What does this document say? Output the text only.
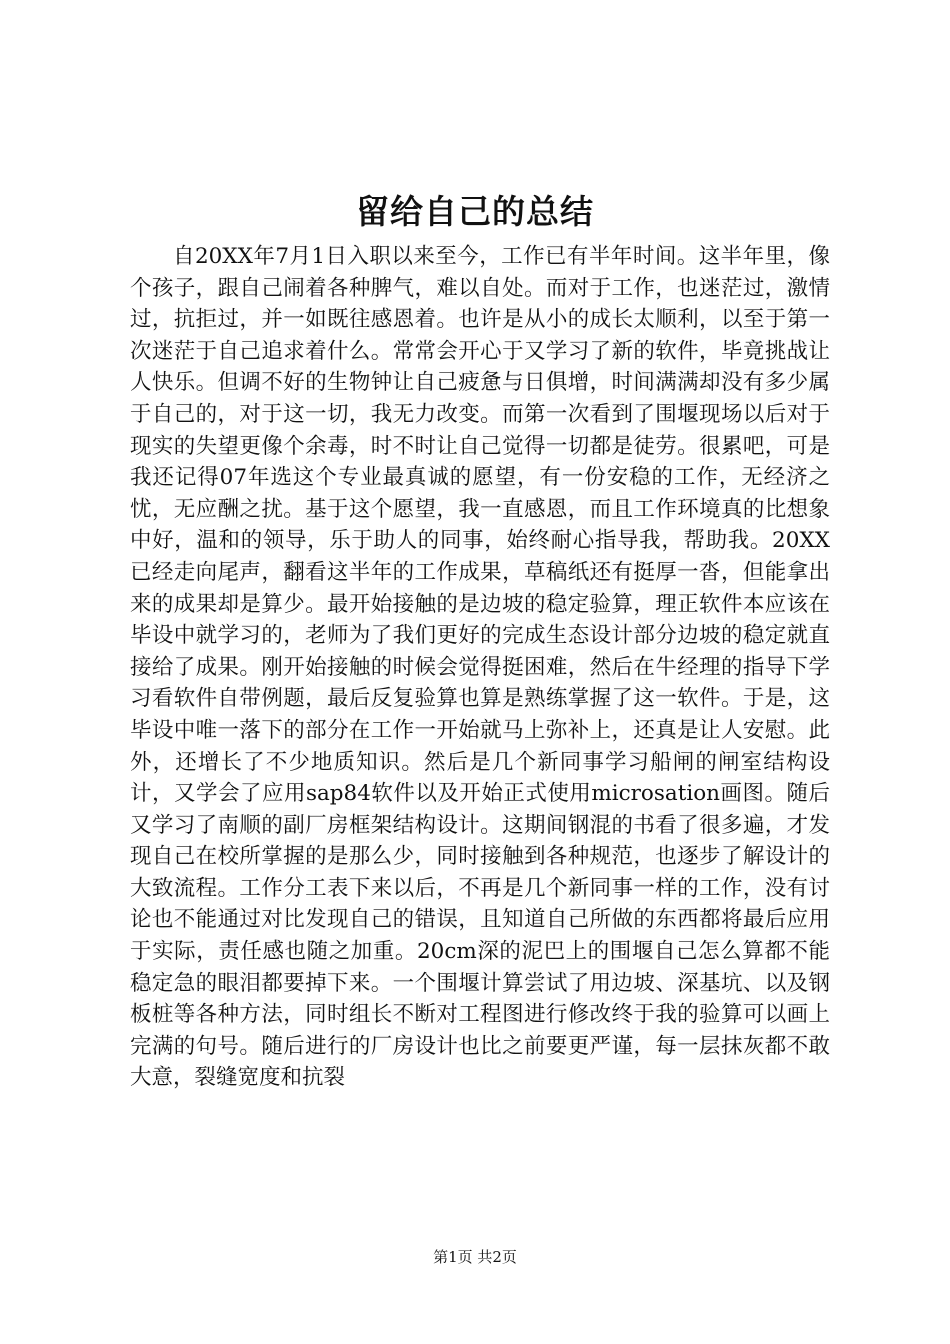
留给自己的总结
自20XX年7月1日入职以来至今，工作已有半年时间。这半年里，像个孩子，跟自己闹着各种脾气，难以自处。而对于工作，也迷茫过，激情过，抗拒过，并一如既往感恩着。也许是从小的成长太顺利，以至于第一次迷茫于自己追求着什么。常常会开心于又学习了新的软件，毕竟挑战让人快乐。但调不好的生物钟让自己疲惫与日俱增，时间满满却没有多少属于自己的，对于这一切，我无力改变。而第一次看到了围堰现场以后对于现实的失望更像个余毒，时不时让自己觉得一切都是徒劳。很累吧，可是我还记得07年选这个专业最真诚的愿望，有一份安稳的工作，无经济之忧，无应酬之扰。基于这个愿望，我一直感恩，而且工作环境真的比想象中好，温和的领导，乐于助人的同事，始终耐心指导我，帮助我。20XX已经走向尾声，翻看这半年的工作成果，草稿纸还有挺厚一沓，但能拿出来的成果却是算少。最开始接触的是边坡的稳定验算，理正软件本应该在毕设中就学习的，老师为了我们更好的完成生态设计部分边坡的稳定就直接给了成果。刚开始接触的时候会觉得挺困难，然后在牛经理的指导下学习看软件自带例题，最后反复验算也算是熟练掌握了这一软件。于是，这毕设中唯一落下的部分在工作一开始就马上弥补上，还真是让人安慰。此外，还增长了不少地质知识。然后是几个新同事学习船闸的闸室结构设计，又学会了应用sap84软件以及开始正式使用microsation画图。随后又学习了南顺的副厂房框架结构设计。这期间钢混的书看了很多遍，才发现自己在校所掌握的是那么少，同时接触到各种规范，也逐步了解设计的大致流程。工作分工表下来以后，不再是几个新同事一样的工作，没有讨论也不能通过对比发现自己的错误，且知道自己所做的东西都将最后应用于实际，责任感也随之加重。20cm深的泥巴上的围堰自己怎么算都不能稳定急的眼泪都要掉下来。一个围堰计算尝试了用边坡、深基坑、以及钢板桩等各种方法，同时组长不断对工程图进行修改终于我的验算可以画上完满的句号。随后进行的厂房设计也比之前要更严谨，每一层抹灰都不敢大意，裂缝宽度和抗裂
第1页 共2页
